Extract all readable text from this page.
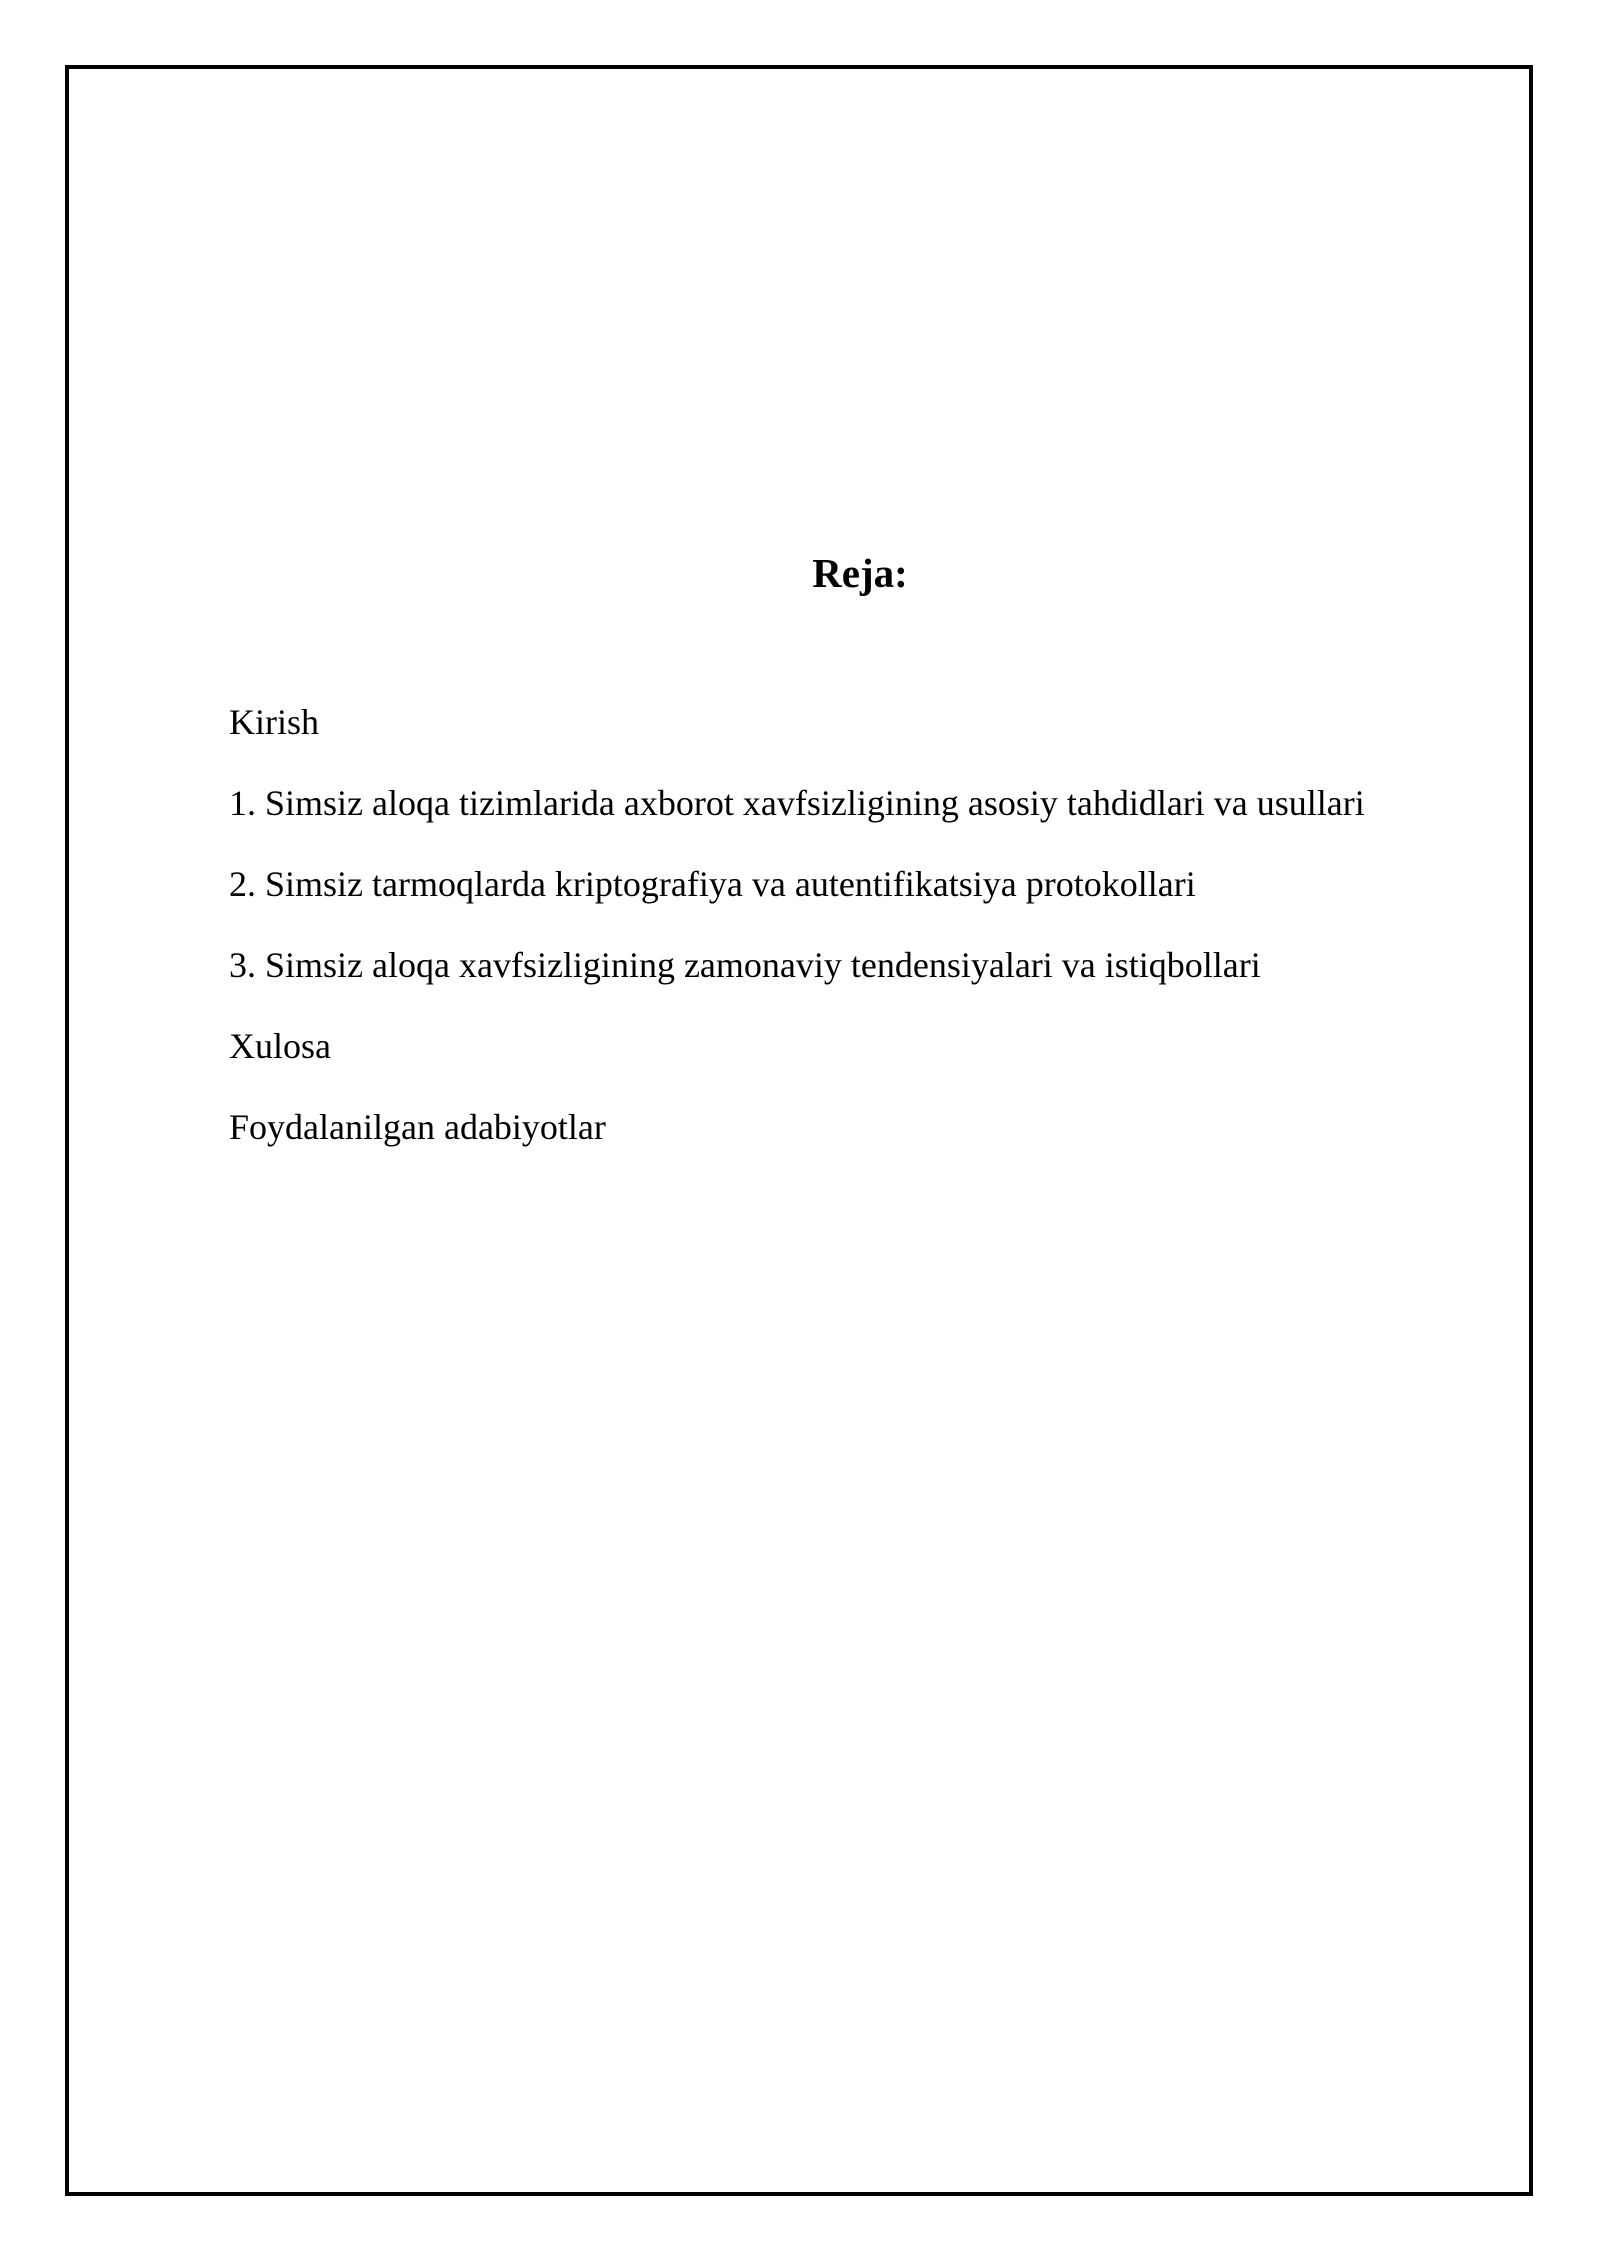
Reja:
Kirish
1. Simsiz aloqa tizimlarida axborot xavfsizligining asosiy tahdidlari va usullari
2. Simsiz tarmoqlarda kriptografiya va autentifikatsiya protokollari
3. Simsiz aloqa xavfsizligining zamonaviy tendensiyalari va istiqbollari
Xulosa
Foydalanilgan adabiyotlar
